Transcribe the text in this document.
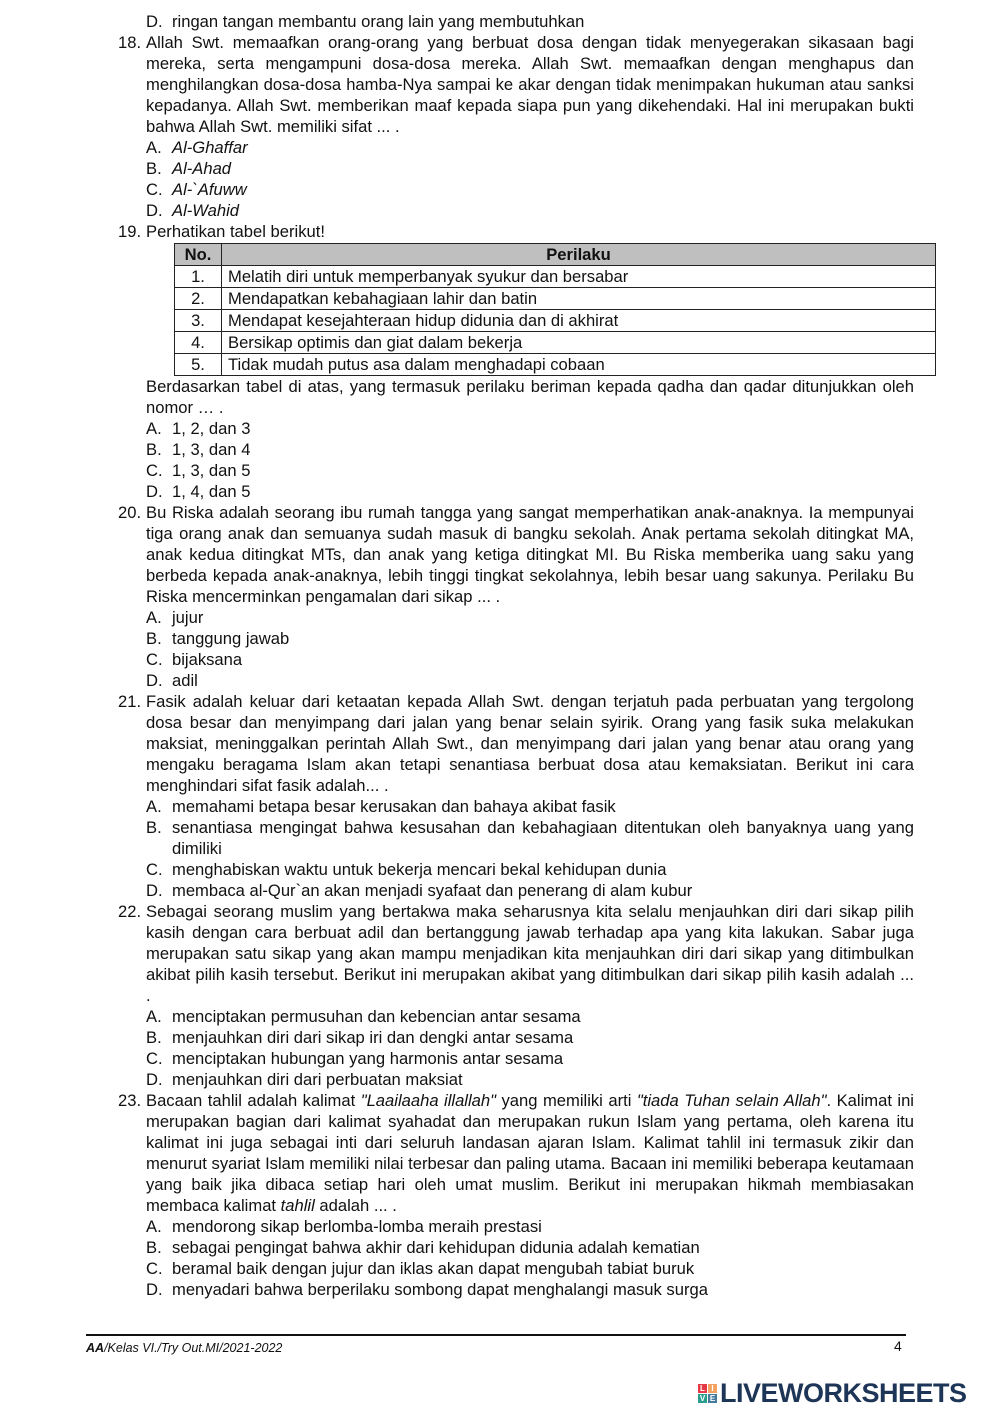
D. ringan tangan membantu orang lain yang membutuhkan
18. Allah Swt. memaafkan orang-orang yang berbuat dosa dengan tidak menyegerakan sikasaan bagi mereka, serta mengampuni dosa-dosa mereka. Allah Swt. memaafkan dengan menghapus dan menghilangkan dosa-dosa hamba-Nya sampai ke akar dengan tidak menimpakan hukuman atau sanksi kepadanya. Allah Swt. memberikan maaf kepada siapa pun yang dikehendaki. Hal ini merupakan bukti bahwa Allah Swt. memiliki sifat ... .
A. Al-Ghaffar
B. Al-Ahad
C. Al-`Afuww
D. Al-Wahid
19. Perhatikan tabel berikut!
No.	Perilaku
1.	Melatih diri untuk memperbanyak syukur dan bersabar
2.	Mendapatkan kebahagiaan lahir dan batin
3.	Mendapat kesejahteraan hidup didunia dan di akhirat
4.	Bersikap optimis dan giat dalam bekerja
5.	Tidak mudah putus asa dalam menghadapi cobaan
Berdasarkan tabel di atas, yang termasuk perilaku beriman kepada qadha dan qadar ditunjukkan oleh nomor … .
A. 1, 2, dan 3
B. 1, 3, dan 4
C. 1, 3, dan 5
D. 1, 4, dan 5
20. Bu Riska adalah seorang ibu rumah tangga yang sangat memperhatikan anak-anaknya. Ia mempunyai tiga orang anak dan semuanya sudah masuk di bangku sekolah. Anak pertama sekolah ditingkat MA, anak kedua ditingkat MTs, dan anak yang ketiga ditingkat MI. Bu Riska memberika uang saku yang berbeda kepada anak-anaknya, lebih tinggi tingkat sekolahnya, lebih besar uang sakunya. Perilaku Bu Riska mencerminkan pengamalan dari sikap ... .
A. jujur
B. tanggung jawab
C. bijaksana
D. adil
21. Fasik adalah keluar dari ketaatan kepada Allah Swt. dengan terjatuh pada perbuatan yang tergolong dosa besar dan menyimpang dari jalan yang benar selain syirik. Orang yang fasik suka melakukan maksiat, meninggalkan perintah Allah Swt., dan menyimpang dari jalan yang benar atau orang yang mengaku beragama Islam akan tetapi senantiasa berbuat dosa atau kemaksiatan. Berikut ini cara menghindari sifat fasik adalah... .
A. memahami betapa besar kerusakan dan bahaya akibat fasik
B. senantiasa mengingat bahwa kesusahan dan kebahagiaan ditentukan oleh banyaknya uang yang dimiliki
C. menghabiskan waktu untuk bekerja mencari bekal kehidupan dunia
D. membaca al-Qur`an akan menjadi syafaat dan penerang di alam kubur
22. Sebagai seorang muslim yang bertakwa maka seharusnya kita selalu menjauhkan diri dari sikap pilih kasih dengan cara berbuat adil dan bertanggung jawab terhadap apa yang kita lakukan. Sabar juga merupakan satu sikap yang akan mampu menjadikan kita menjauhkan diri dari sikap yang ditimbulkan akibat pilih kasih tersebut. Berikut ini merupakan akibat yang ditimbulkan dari sikap pilih kasih adalah ... .
A. menciptakan permusuhan dan kebencian antar sesama
B. menjauhkan diri dari sikap iri dan dengki antar sesama
C. menciptakan hubungan yang harmonis antar sesama
D. menjauhkan diri dari perbuatan maksiat
23. Bacaan tahlil adalah kalimat "Laailaaha illallah" yang memiliki arti "tiada Tuhan selain Allah". Kalimat ini merupakan bagian dari kalimat syahadat dan merupakan rukun Islam yang pertama, oleh karena itu kalimat ini juga sebagai inti dari seluruh landasan ajaran Islam. Kalimat tahlil ini termasuk zikir dan menurut syariat Islam memiliki nilai terbesar dan paling utama. Bacaan ini memiliki beberapa keutamaan yang baik jika dibaca setiap hari oleh umat muslim. Berikut ini merupakan hikmah membiasakan membaca kalimat tahlil adalah ... .
A. mendorong sikap berlomba-lomba meraih prestasi
B. sebagai pengingat bahwa akhir dari kehidupan didunia adalah kematian
C. beramal baik dengan jujur dan iklas akan dapat mengubah tabiat buruk
D. menyadari bahwa berperilaku sombong dapat menghalangi masuk surga
AA/Kelas VI./Try Out.MI/2021-2022	4
L I
V E LIVEWORKSHEETS
